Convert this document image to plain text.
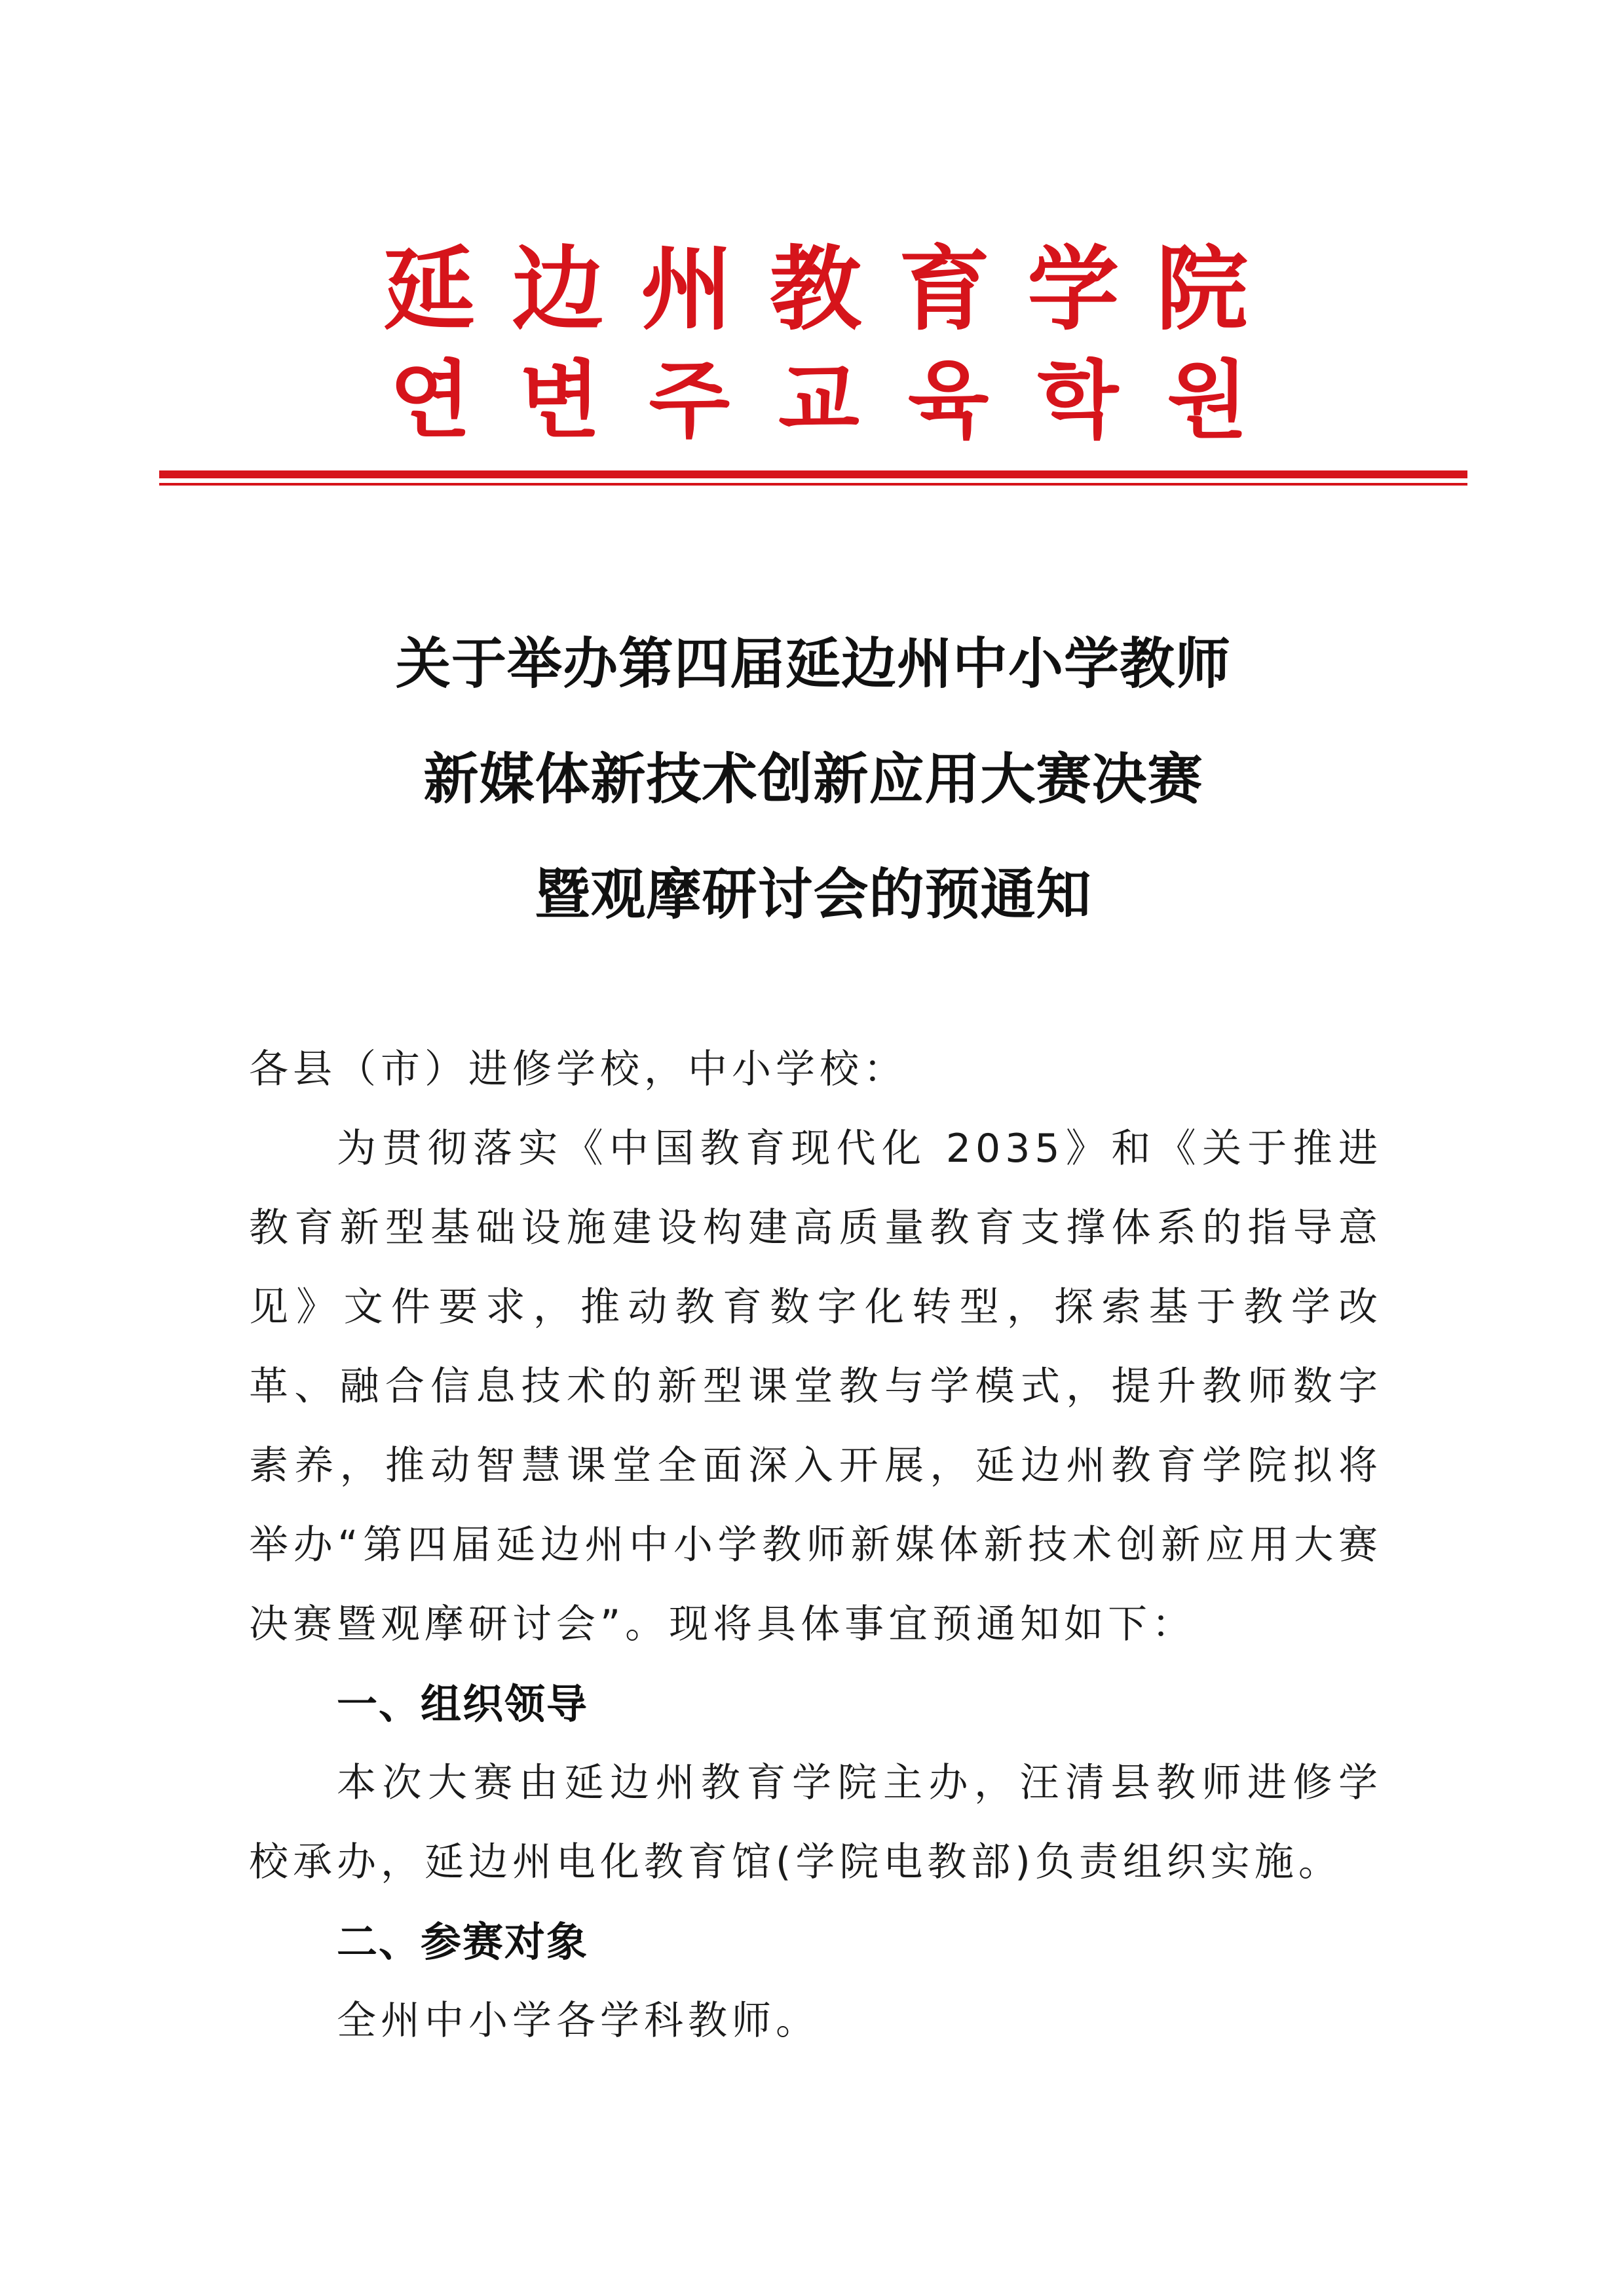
延 边 州 教 育 学 院
연 변 주 교 육 학 원
关于举办第四届延边州中小学教师
新媒体新技术创新应用大赛决赛
暨观摩研讨会的预通知

各县（市）进修学校，中小学校：

为贯彻落实《中国教育现代化 2035》和《关于推进教育新型基础设施建设构建高质量教育支撑体系的指导意见》文件要求，推动教育数字化转型，探索基于教学改革、融合信息技术的新型课堂教与学模式，提升教师数字素养，推动智慧课堂全面深入开展，延边州教育学院拟将举办“第四届延边州中小学教师新媒体新技术创新应用大赛决赛暨观摩研讨会”。现将具体事宜预通知如下：

一、组织领导

本次大赛由延边州教育学院主办，汪清县教师进修学校承办，延边州电化教育馆(学院电教部)负责组织实施。

二、参赛对象

全州中小学各学科教师。
